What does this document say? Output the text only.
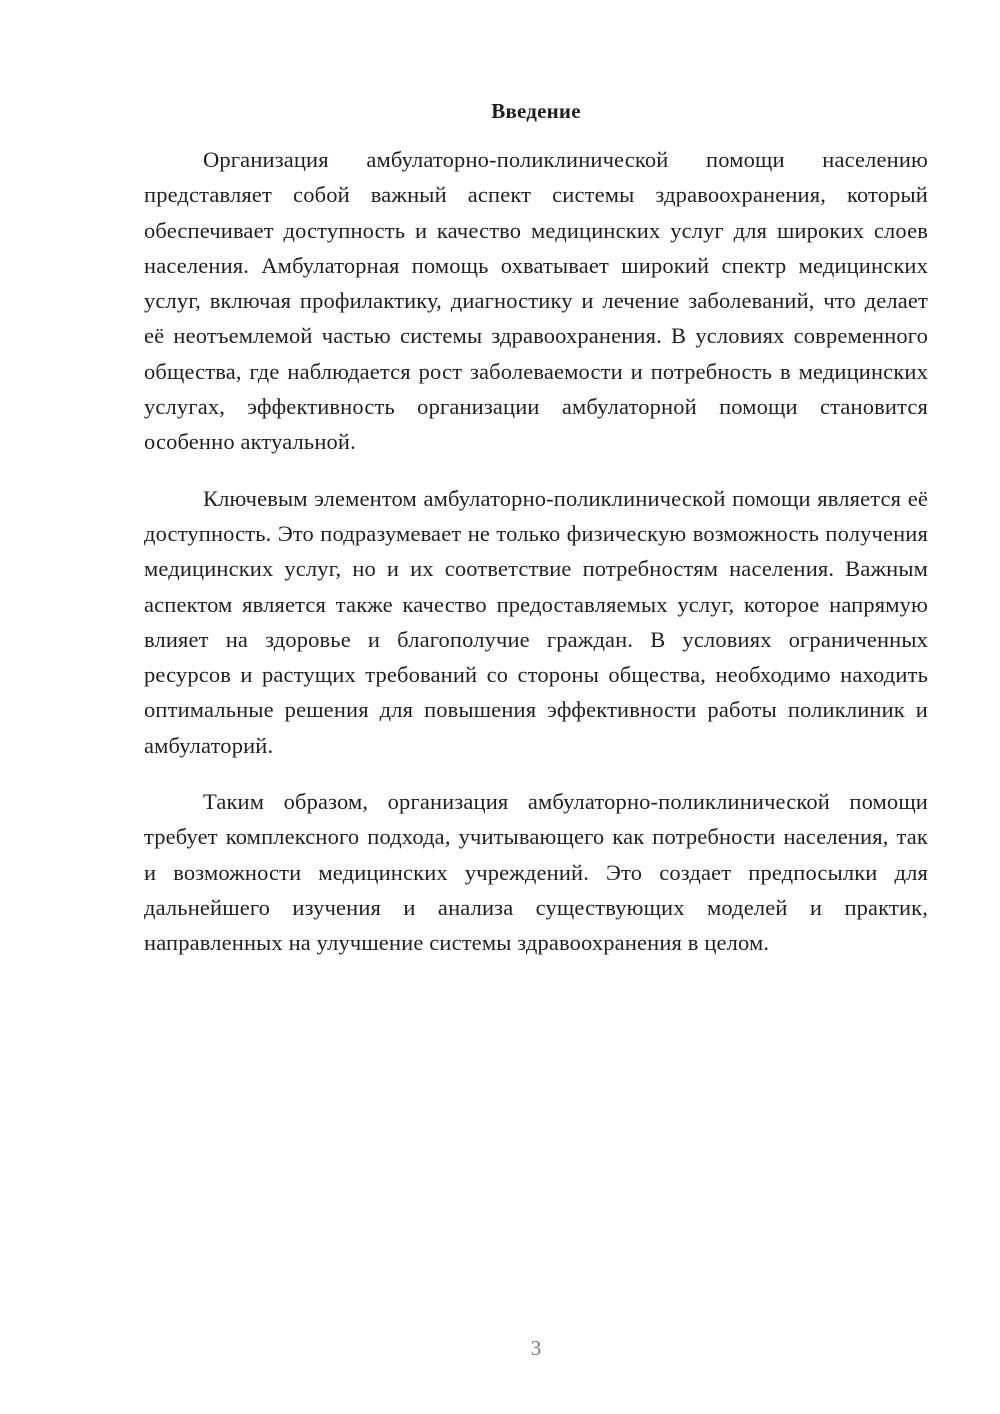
Введение

Организация амбулаторно-поликлинической помощи населению представляет собой важный аспект системы здравоохранения, который обеспечивает доступность и качество медицинских услуг для широких слоев населения. Амбулаторная помощь охватывает широкий спектр медицинских услуг, включая профилактику, диагностику и лечение заболеваний, что делает её неотъемлемой частью системы здравоохранения. В условиях современного общества, где наблюдается рост заболеваемости и потребность в медицинских услугах, эффективность организации амбулаторной помощи становится особенно актуальной.

Ключевым элементом амбулаторно-поликлинической помощи является её доступность. Это подразумевает не только физическую возможность получения медицинских услуг, но и их соответствие потребностям населения. Важным аспектом является также качество предоставляемых услуг, которое напрямую влияет на здоровье и благополучие граждан. В условиях ограниченных ресурсов и растущих требований со стороны общества, необходимо находить оптимальные решения для повышения эффективности работы поликлиник и амбулаторий.

Таким образом, организация амбулаторно-поликлинической помощи требует комплексного подхода, учитывающего как потребности населения, так и возможности медицинских учреждений. Это создает предпосылки для дальнейшего изучения и анализа существующих моделей и практик, направленных на улучшение системы здравоохранения в целом.

3
